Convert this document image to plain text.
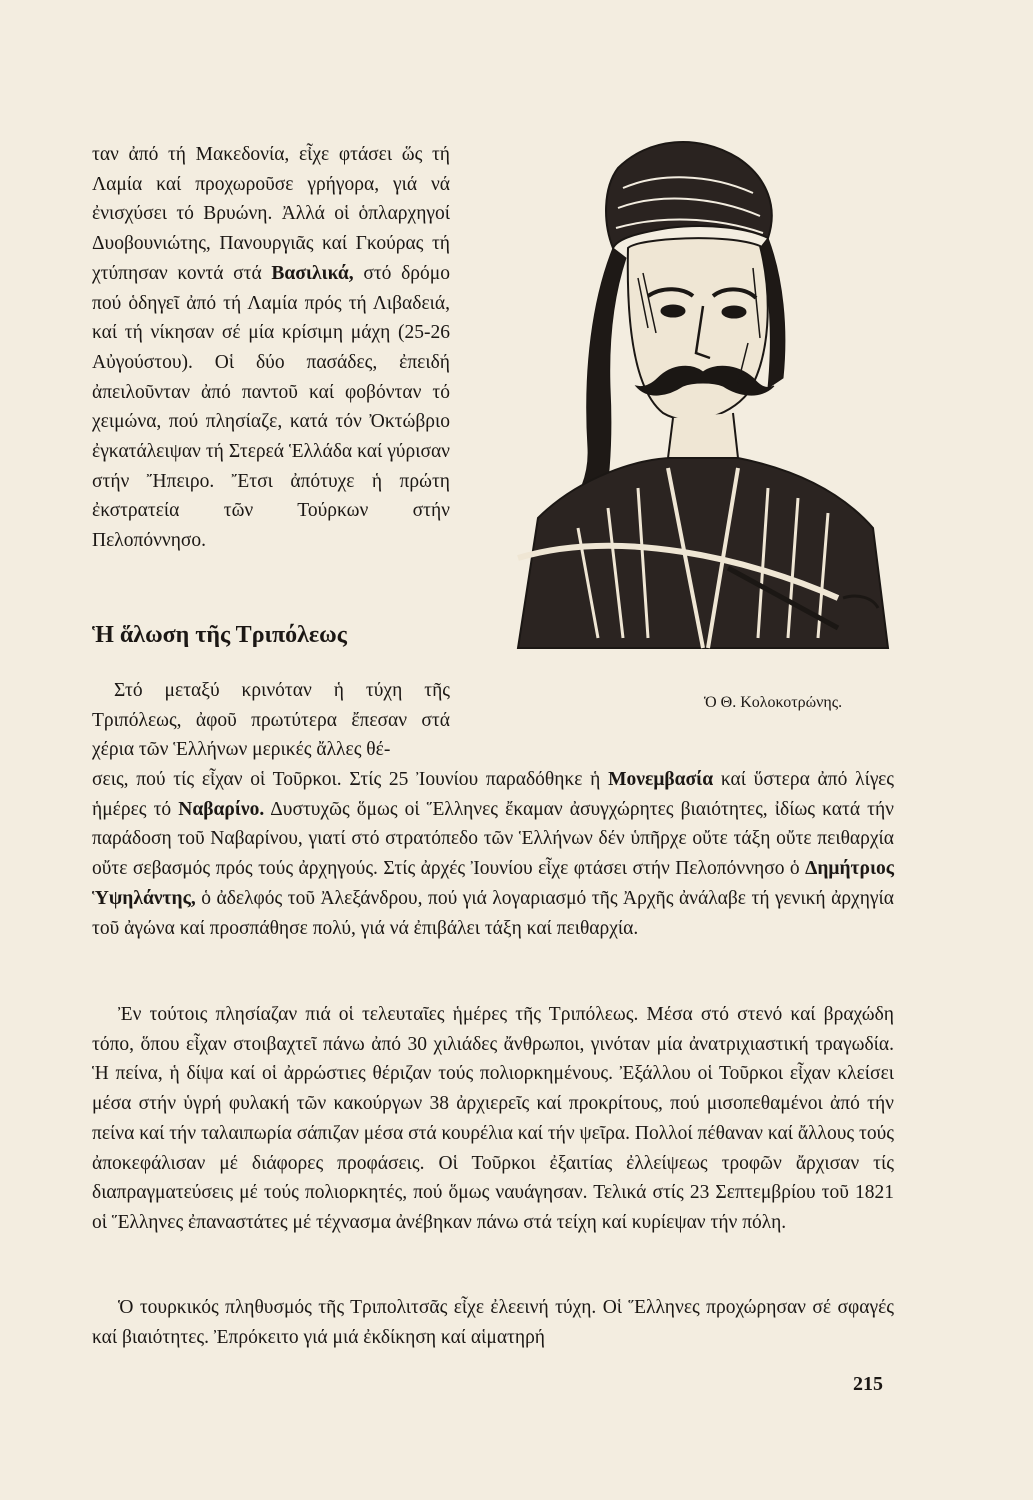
ταν ἀπό τή Μακεδονία, εἶχε φτάσει ὥς τή Λαμία καί προχωροῦσε γρήγορα, γιά νά ἐνισχύσει τό Βρυώνη. Ἀλλά οἱ ὁπλαρχηγοί Δυοβουνιώτης, Πανουργιᾶς καί Γκούρας τή χτύπησαν κοντά στά Βασιλικά, στό δρόμο πού ὁδηγεῖ ἀπό τή Λαμία πρός τή Λιβαδειά, καί τή νίκησαν σέ μία κρίσιμη μάχη (25-26 Αὐγούστου). Οἱ δύο πασάδες, ἐπειδή ἀπειλοῦνταν ἀπό παντοῦ καί φοβόνταν τό χειμώνα, πού πλησίαζε, κατά τόν Ὀκτώβριο ἐγκατάλειψαν τή Στερεά Ἑλλάδα καί γύρισαν στήν Ἤπειρο. Ἔτσι ἀπότυχε ἡ πρώτη ἐκστρατεία τῶν Τούρκων στήν Πελοπόννησο.

Ἡ ἅλωση τῆς Τριπόλεως

Στό μεταξύ κρινόταν ἡ τύχη τῆς Τριπόλεως, ἀφοῦ πρωτύτερα ἔπεσαν στά χέρια τῶν Ἑλλήνων μερικές ἄλλες θέ-

Ὁ Θ. Κολοκοτρώνης.

σεις, πού τίς εἶχαν οἱ Τοῦρκοι. Στίς 25 Ἰουνίου παραδόθηκε ἡ Μονεμβασία καί ὕστερα ἀπό λίγες ἡμέρες τό Ναβαρίνο. Δυστυχῶς ὅμως οἱ Ἕλληνες ἔκαμαν ἀσυγχώρητες βιαιότητες, ἰδίως κατά τήν παράδοση τοῦ Ναβαρίνου, γιατί στό στρατόπεδο τῶν Ἑλλήνων δέν ὑπῆρχε οὔτε τάξη οὔτε πειθαρχία οὔτε σεβασμός πρός τούς ἀρχηγούς. Στίς ἀρχές Ἰουνίου εἶχε φτάσει στήν Πελοπόννησο ὁ Δημήτριος Ὑψηλάντης, ὁ ἀδελφός τοῦ Ἀλεξάνδρου, πού γιά λογαριασμό τῆς Ἀρχῆς ἀνάλαβε τή γενική ἀρχηγία τοῦ ἀγώνα καί προσπάθησε πολύ, γιά νά ἐπιβάλει τάξη καί πειθαρχία.

Ἐν τούτοις πλησίαζαν πιά οἱ τελευταῖες ἡμέρες τῆς Τριπόλεως. Μέσα στό στενό καί βραχώδη τόπο, ὅπου εἶχαν στοιβαχτεῖ πάνω ἀπό 30 χιλιάδες ἄνθρωποι, γινόταν μία ἀνατριχιαστική τραγωδία. Ἡ πείνα, ἡ δίψα καί οἱ ἀρρώστιες θέριζαν τούς πολιορκημένους. Ἐξάλλου οἱ Τοῦρκοι εἶχαν κλείσει μέσα στήν ὑγρή φυλακή τῶν κακούργων 38 ἀρχιερεῖς καί προκρίτους, πού μισοπεθαμένοι ἀπό τήν πείνα καί τήν ταλαιπωρία σάπιζαν μέσα στά κουρέλια καί τήν ψεῖρα. Πολλοί πέθαναν καί ἄλλους τούς ἀποκεφάλισαν μέ διάφορες προφάσεις. Οἱ Τοῦρκοι ἐξαιτίας ἐλλείψεως τροφῶν ἄρχισαν τίς διαπραγματεύσεις μέ τούς πολιορκητές, πού ὅμως ναυάγησαν. Τελικά στίς 23 Σεπτεμβρίου τοῦ 1821 οἱ Ἕλληνες ἐπαναστάτες μέ τέχνασμα ἀνέβηκαν πάνω στά τείχη καί κυρίεψαν τήν πόλη.

Ὁ τουρκικός πληθυσμός τῆς Τριπολιτσᾶς εἶχε ἐλεεινή τύχη. Οἱ Ἕλληνες προχώρησαν σέ σφαγές καί βιαιότητες. Ἐπρόκειτο γιά μιά ἐκδίκηση καί αἱματηρή

215
